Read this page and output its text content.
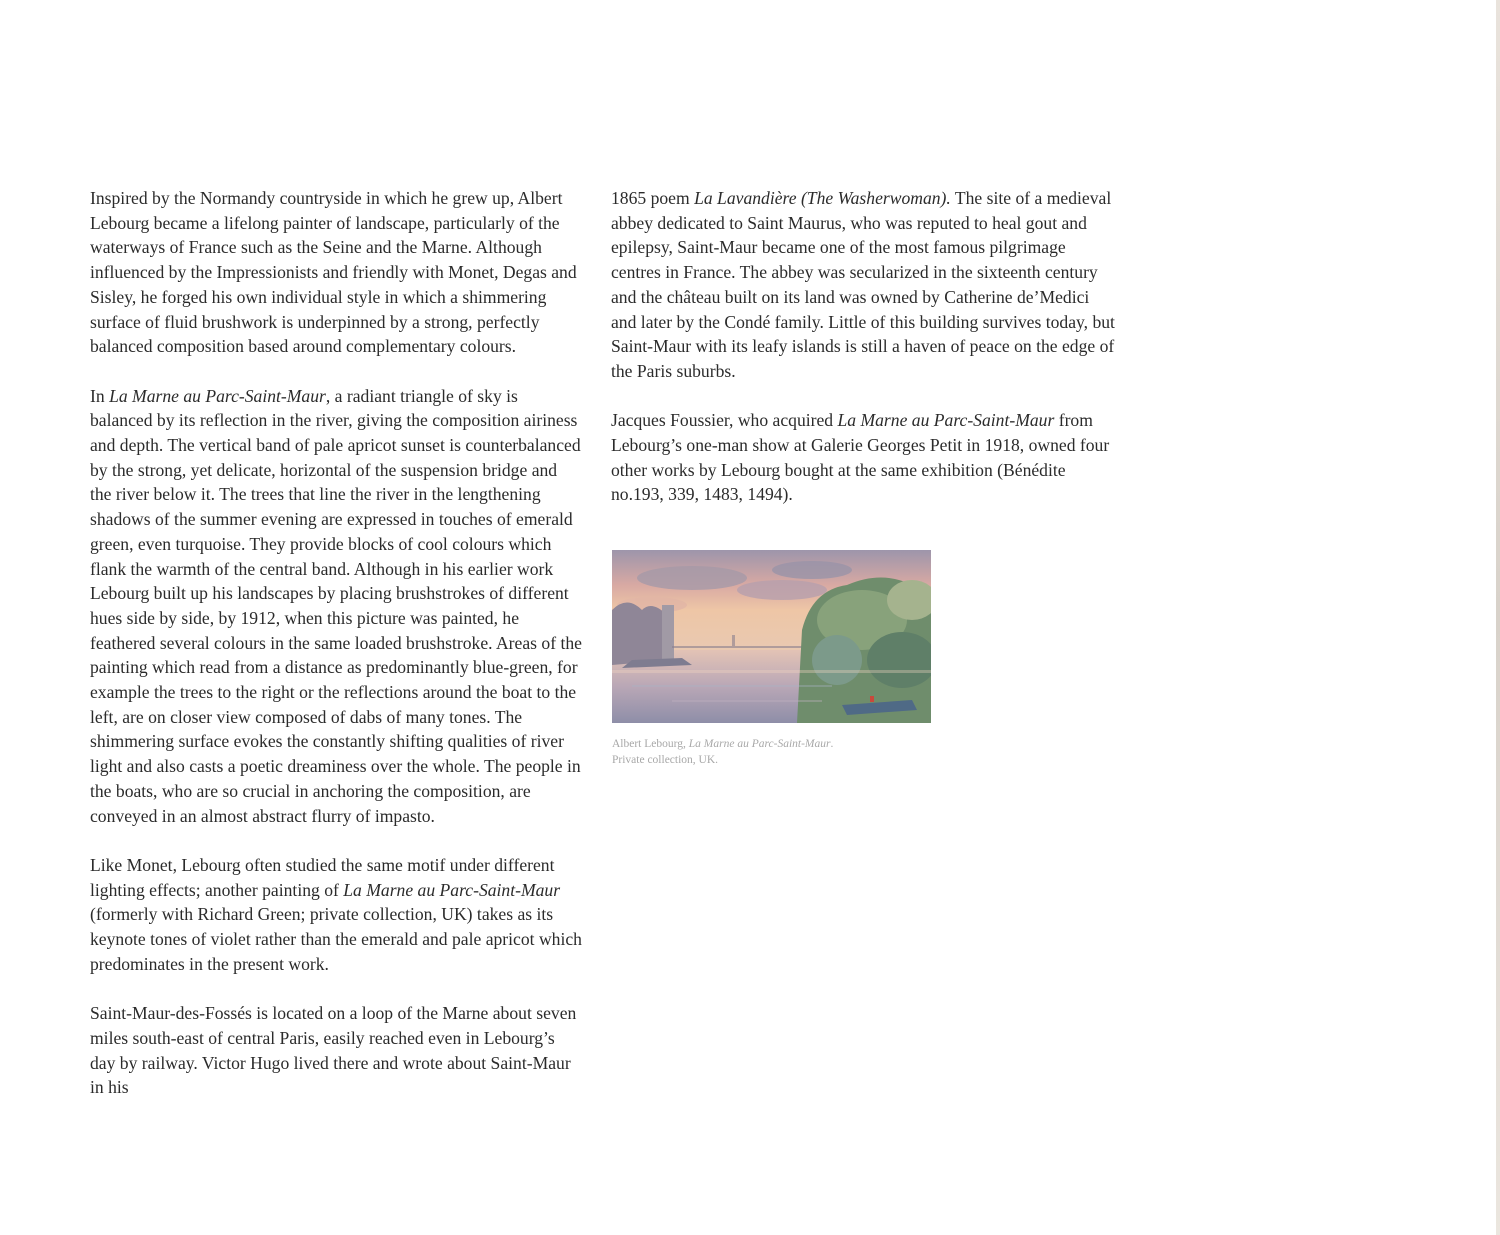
Inspired by the Normandy countryside in which he grew up, Albert Lebourg became a lifelong painter of landscape, particularly of the waterways of France such as the Seine and the Marne. Although influenced by the Impressionists and friendly with Monet, Degas and Sisley, he forged his own individual style in which a shimmering surface of fluid brushwork is underpinned by a strong, perfectly balanced composition based around complementary colours.

In La Marne au Parc-Saint-Maur, a radiant triangle of sky is balanced by its reflection in the river, giving the composition airiness and depth. The vertical band of pale apricot sunset is counterbalanced by the strong, yet delicate, horizontal of the suspension bridge and the river below it. The trees that line the river in the lengthening shadows of the summer evening are expressed in touches of emerald green, even turquoise. They provide blocks of cool colours which flank the warmth of the central band. Although in his earlier work Lebourg built up his landscapes by placing brushstrokes of different hues side by side, by 1912, when this picture was painted, he feathered several colours in the same loaded brushstroke. Areas of the painting which read from a distance as predominantly blue-green, for example the trees to the right or the reflections around the boat to the left, are on closer view composed of dabs of many tones. The shimmering surface evokes the constantly shifting qualities of river light and also casts a poetic dreaminess over the whole. The people in the boats, who are so crucial in anchoring the composition, are conveyed in an almost abstract flurry of impasto.

Like Monet, Lebourg often studied the same motif under different lighting effects; another painting of La Marne au Parc-Saint-Maur (formerly with Richard Green; private collection, UK) takes as its keynote tones of violet rather than the emerald and pale apricot which predominates in the present work.

Saint-Maur-des-Fossés is located on a loop of the Marne about seven miles south-east of central Paris, easily reached even in Lebourg’s day by railway. Victor Hugo lived there and wrote about Saint-Maur in his

1865 poem La Lavandière (The Washerwoman). The site of a medieval abbey dedicated to Saint Maurus, who was reputed to heal gout and epilepsy, Saint-Maur became one of the most famous pilgrimage centres in France. The abbey was secularized in the sixteenth century and the château built on its land was owned by Catherine de’Medici and later by the Condé family. Little of this building survives today, but Saint-Maur with its leafy islands is still a haven of peace on the edge of the Paris suburbs.

Jacques Foussier, who acquired La Marne au Parc-Saint-Maur from Lebourg’s one-man show at Galerie Georges Petit in 1918, owned four other works by Lebourg bought at the same exhibition (Bénédite no.193, 339, 1483, 1494).

Albert Lebourg, La Marne au Parc-Saint-Maur.
Private collection, UK.
